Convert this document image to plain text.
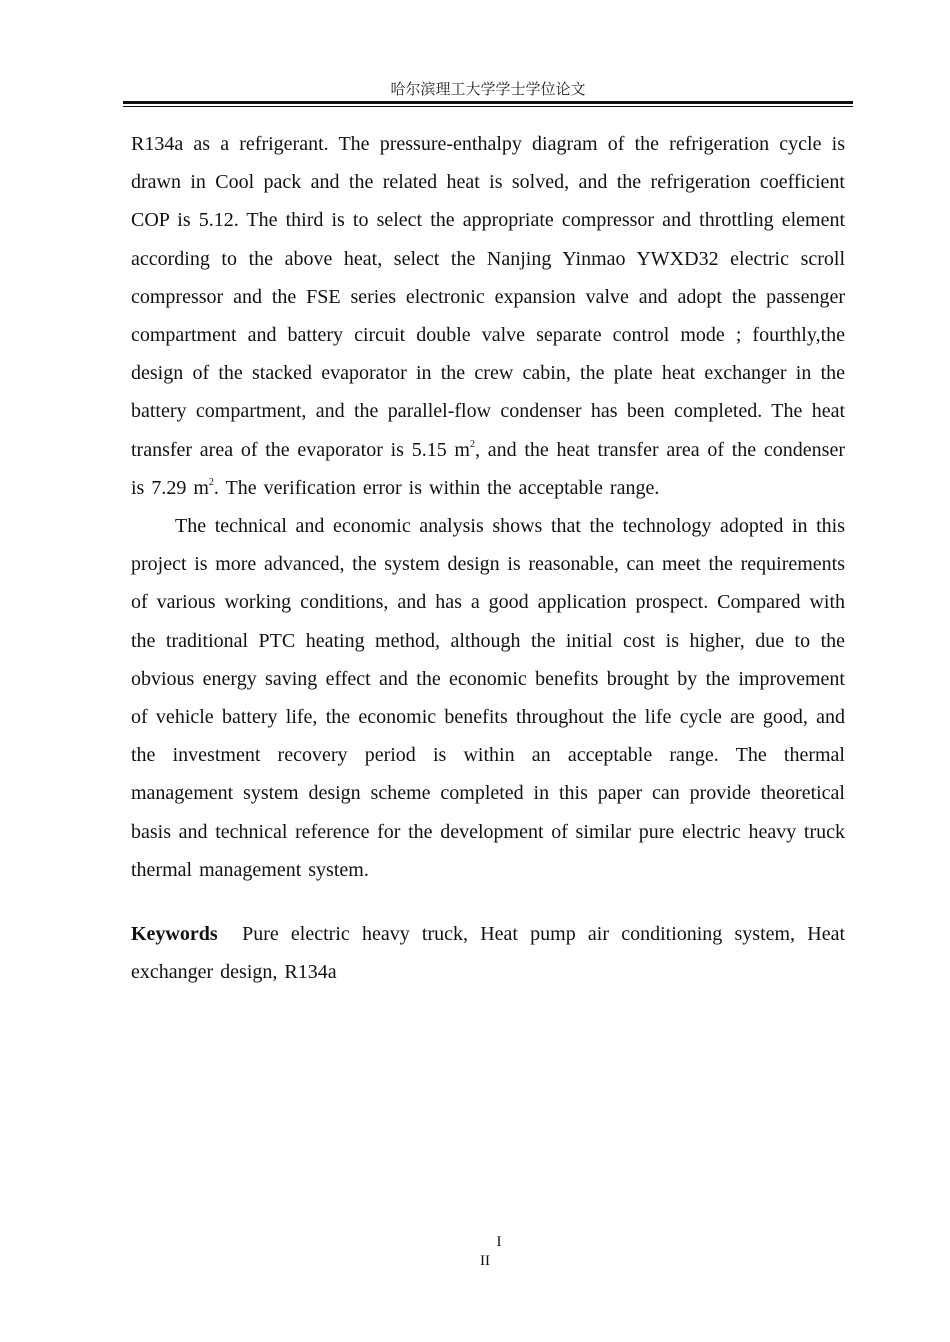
哈尔滨理工大学学士学位论文

R134a as a refrigerant. The pressure-enthalpy diagram of the refrigeration cycle is drawn in Cool pack and the related heat is solved, and the refrigeration coefficient COP is 5.12. The third is to select the appropriate compressor and throttling element according to the above heat, select the Nanjing Yinmao YWXD32 electric scroll compressor and the FSE series electronic expansion valve and adopt the passenger compartment and battery circuit double valve separate control mode ; fourthly,the design of the stacked evaporator in the crew cabin, the plate heat exchanger in the battery compartment, and the parallel-flow condenser has been completed. The heat transfer area of the evaporator is 5.15 $m^2$, and the heat transfer area of the condenser is 7.29 $m^2$. The verification error is within the acceptable range.

The technical and economic analysis shows that the technology adopted in this project is more advanced, the system design is reasonable, can meet the requirements of various working conditions, and has a good application prospect. Compared with the traditional PTC heating method, although the initial cost is higher, due to the obvious energy saving effect and the economic benefits brought by the improvement of vehicle battery life, the economic benefits throughout the life cycle are good, and the investment recovery period is within an acceptable range. The thermal management system design scheme completed in this paper can provide theoretical basis and technical reference for the development of similar pure electric heavy truck thermal management system.

Keywords Pure electric heavy truck, Heat pump air conditioning system, Heat exchanger design, R134a

I
II
